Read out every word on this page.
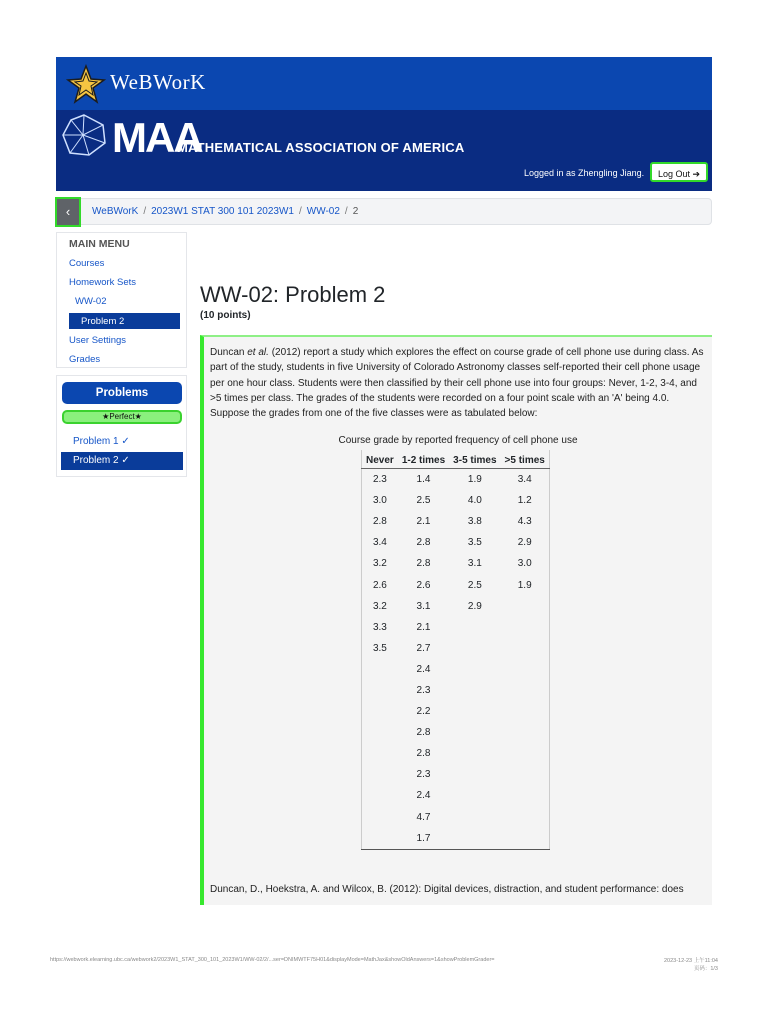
WeBWorK
MAA
MATHEMATICAL ASSOCIATION OF AMERICA
Logged in as Zhengling Jiang.	Log Out ➔
‹	WeBWorK / 2023W1 STAT 300 101 2023W1 / WW-02 / 2
MAIN MENU
Courses
Homework Sets
WW-02
Problem 2
User Settings
Grades
Problems
★Perfect★
Problem 1 ✓
Problem 2 ✓
WW-02: Problem 2
(10 points)
Duncan et al. (2012) report a study which explores the effect on course grade of cell phone use during class. As part of the study, students in five University of Colorado Astronomy classes self-reported their cell phone usage per one hour class. Students were then classified by their cell phone use into four groups: Never, 1-2, 3-4, and >5 times per class. The grades of the students were recorded on a four point scale with an 'A' being 4.0. Suppose the grades from one of the five classes were as tabulated below:
Course grade by reported frequency of cell phone use
Never	1-2 times	3-5 times	>5 times
2.3	1.4	1.9	3.4
3.0	2.5	4.0	1.2
2.8	2.1	3.8	4.3
3.4	2.8	3.5	2.9
3.2	2.8	3.1	3.0
2.6	2.6	2.5	1.9
3.2	3.1	2.9	
3.3	2.1		
3.5	2.7		
	2.4		
	2.3		
	2.2		
	2.8		
	2.8		
	2.3		
	2.4		
	4.7		
	1.7		
Duncan, D., Hoekstra, A. and Wilcox, B. (2012): Digital devices, distraction, and student performance: does
https://webwork.elearning.ubc.ca/webwork2/2023W1_STAT_300_101_2023W1/WW-02/2/...ser=DNIMWTF75H01&displayMode=MathJax&showOldAnswers=1&showProblemGrader=	2023-12-23 上午11:04
页码：1/3
